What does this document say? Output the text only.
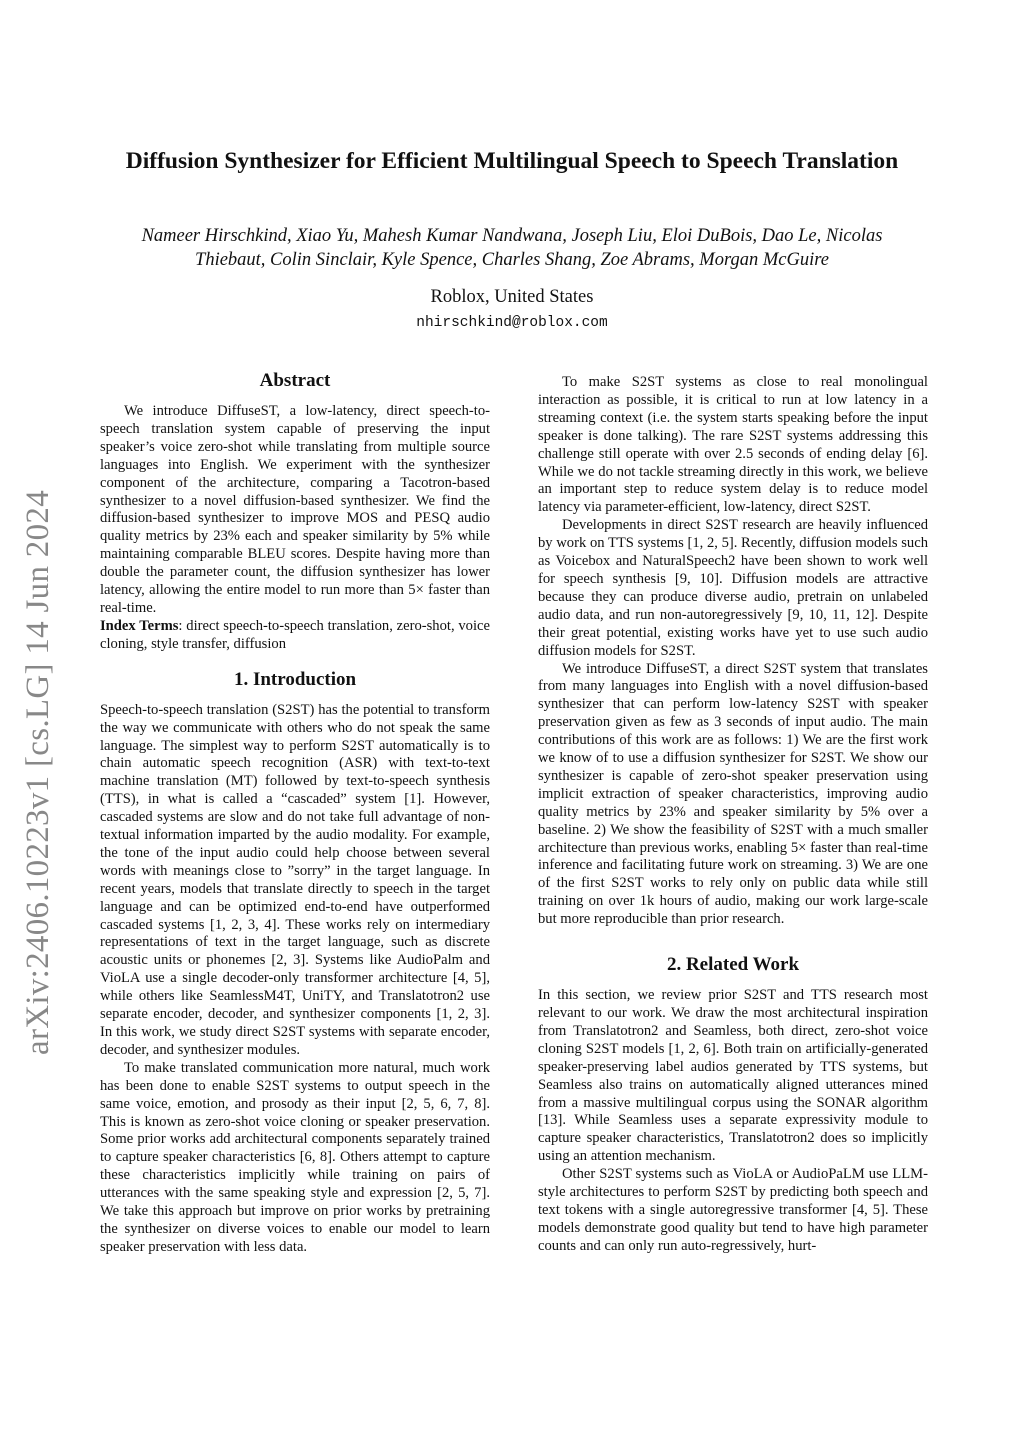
arXiv:2406.10223v1 [cs.LG] 14 Jun 2024
Diffusion Synthesizer for Efficient Multilingual Speech to Speech Translation
Nameer Hirschkind, Xiao Yu, Mahesh Kumar Nandwana, Joseph Liu, Eloi DuBois, Dao Le, Nicolas
Thiebaut, Colin Sinclair, Kyle Spence, Charles Shang, Zoe Abrams, Morgan McGuire
Roblox, United States
nhirschkind@roblox.com
Abstract

We introduce DiffuseST, a low-latency, direct speech-to-speech translation system capable of preserving the input speaker’s voice zero-shot while translating from multiple source languages into English. We experiment with the synthesizer component of the architecture, comparing a Tacotron-based synthesizer to a novel diffusion-based synthesizer. We find the diffusion-based synthesizer to improve MOS and PESQ audio quality metrics by 23% each and speaker similarity by 5% while maintaining comparable BLEU scores. Despite having more than double the parameter count, the diffusion synthesizer has lower latency, allowing the entire model to run more than 5× faster than real-time.

Index Terms: direct speech-to-speech translation, zero-shot, voice cloning, style transfer, diffusion

1. Introduction

Speech-to-speech translation (S2ST) has the potential to transform the way we communicate with others who do not speak the same language. The simplest way to perform S2ST automatically is to chain automatic speech recognition (ASR) with text-to-text machine translation (MT) followed by text-to-speech synthesis (TTS), in what is called a “cascaded” system [1]. However, cascaded systems are slow and do not take full advantage of non-textual information imparted by the audio modality. For example, the tone of the input audio could help choose between several words with meanings close to ”sorry” in the target language. In recent years, models that translate directly to speech in the target language and can be optimized end-to-end have outperformed cascaded systems [1, 2, 3, 4]. These works rely on intermediary representations of text in the target language, such as discrete acoustic units or phonemes [2, 3]. Systems like AudioPalm and VioLA use a single decoder-only transformer architecture [4, 5], while others like SeamlessM4T, UniTY, and Translatotron2 use separate encoder, decoder, and synthesizer components [1, 2, 3]. In this work, we study direct S2ST systems with separate encoder, decoder, and synthesizer modules.

To make translated communication more natural, much work has been done to enable S2ST systems to output speech in the same voice, emotion, and prosody as their input [2, 5, 6, 7, 8]. This is known as zero-shot voice cloning or speaker preservation. Some prior works add architectural components separately trained to capture speaker characteristics [6, 8]. Others attempt to capture these characteristics implicitly while training on pairs of utterances with the same speaking style and expression [2, 5, 7]. We take this approach but improve on prior works by pretraining the synthesizer on diverse voices to enable our model to learn speaker preservation with less data.

To make S2ST systems as close to real monolingual interaction as possible, it is critical to run at low latency in a streaming context (i.e. the system starts speaking before the input speaker is done talking). The rare S2ST systems addressing this challenge still operate with over 2.5 seconds of ending delay [6]. While we do not tackle streaming directly in this work, we believe an important step to reduce system delay is to reduce model latency via parameter-efficient, low-latency, direct S2ST.

Developments in direct S2ST research are heavily influenced by work on TTS systems [1, 2, 5]. Recently, diffusion models such as Voicebox and NaturalSpeech2 have been shown to work well for speech synthesis [9, 10]. Diffusion models are attractive because they can produce diverse audio, pretrain on unlabeled audio data, and run non-autoregressively [9, 10, 11, 12]. Despite their great potential, existing works have yet to use such audio diffusion models for S2ST.

We introduce DiffuseST, a direct S2ST system that translates from many languages into English with a novel diffusion-based synthesizer that can perform low-latency S2ST with speaker preservation given as few as 3 seconds of input audio. The main contributions of this work are as follows: 1) We are the first work we know of to use a diffusion synthesizer for S2ST. We show our synthesizer is capable of zero-shot speaker preservation using implicit extraction of speaker characteristics, improving audio quality metrics by 23% and speaker similarity by 5% over a baseline. 2) We show the feasibility of S2ST with a much smaller architecture than previous works, enabling 5× faster than real-time inference and facilitating future work on streaming. 3) We are one of the first S2ST works to rely only on public data while still training on over 1k hours of audio, making our work large-scale but more reproducible than prior research.

2. Related Work

In this section, we review prior S2ST and TTS research most relevant to our work. We draw the most architectural inspiration from Translatotron2 and Seamless, both direct, zero-shot voice cloning S2ST models [1, 2, 6]. Both train on artificially-generated speaker-preserving label audios generated by TTS systems, but Seamless also trains on automatically aligned utterances mined from a massive multilingual corpus using the SONAR algorithm [13]. While Seamless uses a separate expressivity module to capture speaker characteristics, Translatotron2 does so implicitly using an attention mechanism.

Other S2ST systems such as VioLA or AudioPaLM use LLM-style architectures to perform S2ST by predicting both speech and text tokens with a single autoregressive transformer [4, 5]. These models demonstrate good quality but tend to have high parameter counts and can only run auto-regressively, hurt-
